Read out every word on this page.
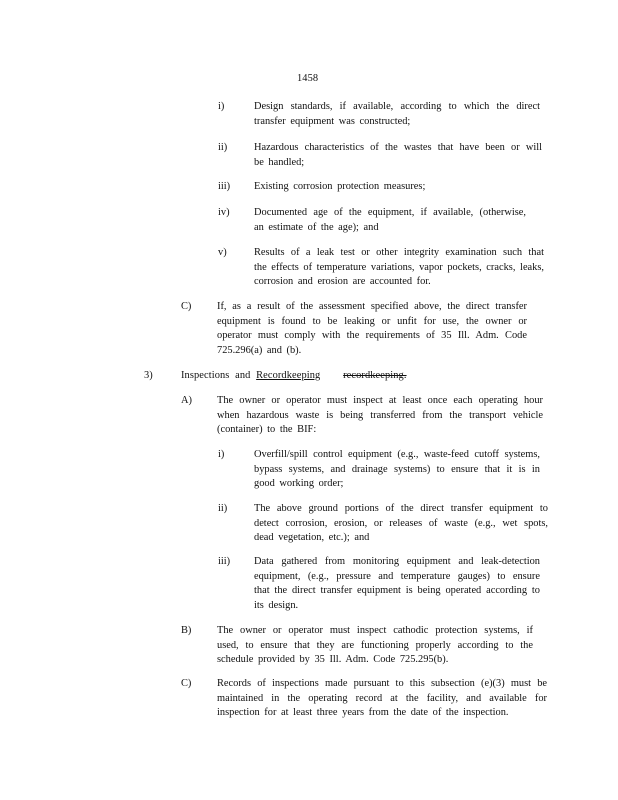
1458
i)	Design standards, if available, according to which the direct transfer equipment was constructed;
ii)	Hazardous characteristics of the wastes that have been or will be handled;
iii) Existing corrosion protection measures;
iv) Documented age of the equipment, if available, (otherwise, an estimate of the age); and
v)	Results of a leak test or other integrity examination such that the effects of temperature variations, vapor pockets, cracks, leaks, corrosion and erosion are accounted for.
C) If, as a result of the assessment specified above, the direct transfer equipment is found to be leaking or unfit for use, the owner or operator must comply with the requirements of 35 Ill. Adm. Code 725.296(a) and (b).
3)	Inspections and Recordkeeping recordkeeping.
A) The owner or operator must inspect at least once each operating hour when hazardous waste is being transferred from the transport vehicle (container) to the BIF:
i)	Overfill/spill control equipment (e.g., waste-feed cutoff systems, bypass systems, and drainage systems) to ensure that it is in good working order;
ii)	The above ground portions of the direct transfer equipment to detect corrosion, erosion, or releases of waste (e.g., wet spots, dead vegetation, etc.); and
iii) Data gathered from monitoring equipment and leak-detection equipment, (e.g., pressure and temperature gauges) to ensure that the direct transfer equipment is being operated according to its design.
B) The owner or operator must inspect cathodic protection systems, if used, to ensure that they are functioning properly according to the schedule provided by 35 Ill. Adm. Code 725.295(b).
C) Records of inspections made pursuant to this subsection (e)(3) must be maintained in the operating record at the facility, and available for inspection for at least three years from the date of the inspection.
